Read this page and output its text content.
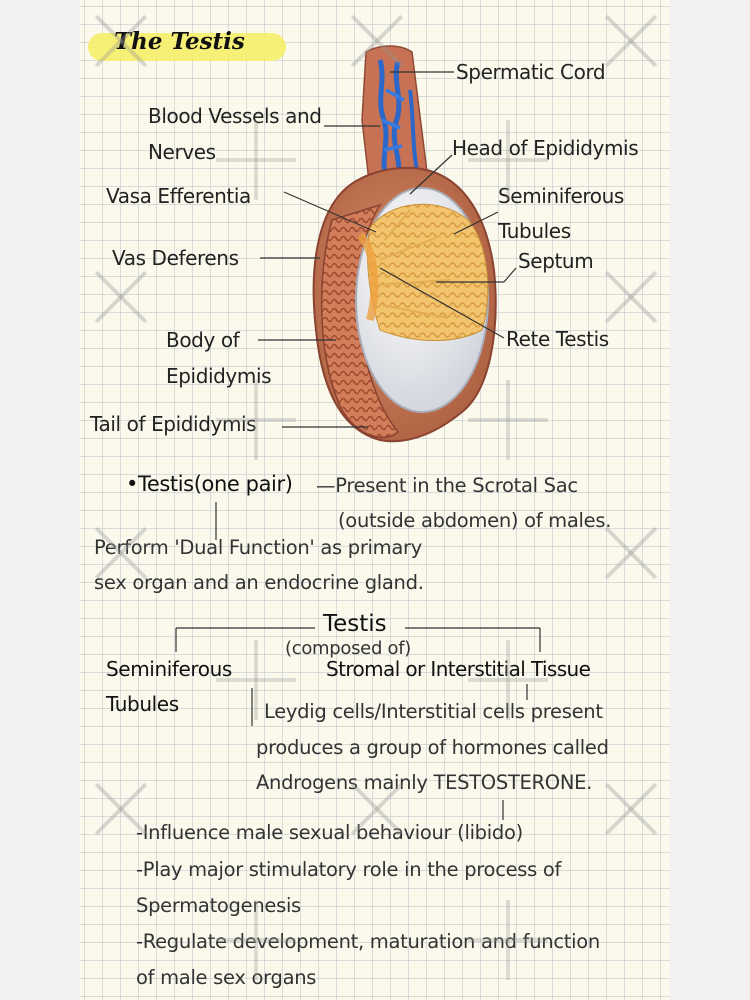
The Testis
Spermatic Cord
Blood Vessels and
Nerves	Head of Epididymis
Vasa Efferentia	Seminiferous
Tubules
Septum
Vas Deferens
Rete Testis
Body of
Epididymis
Tail of Epididymis
•Testis(one pair) —Present in the Scrotal Sac
(outside abdomen) of males.
Perform 'Dual Function' as primary
sex organ and an endocrine gland.
Testis
(composed of)
Seminiferous
Tubules
Stromal or Interstitial Tissue
Leydig cells/Interstitial cells present
produces a group of hormones called
Androgens mainly TESTOSTERONE.
-Influence male sexual behaviour (libido)
-Play major stimulatory role in the process of
Spermatogenesis
-Regulate development, maturation and function
of male sex organs
